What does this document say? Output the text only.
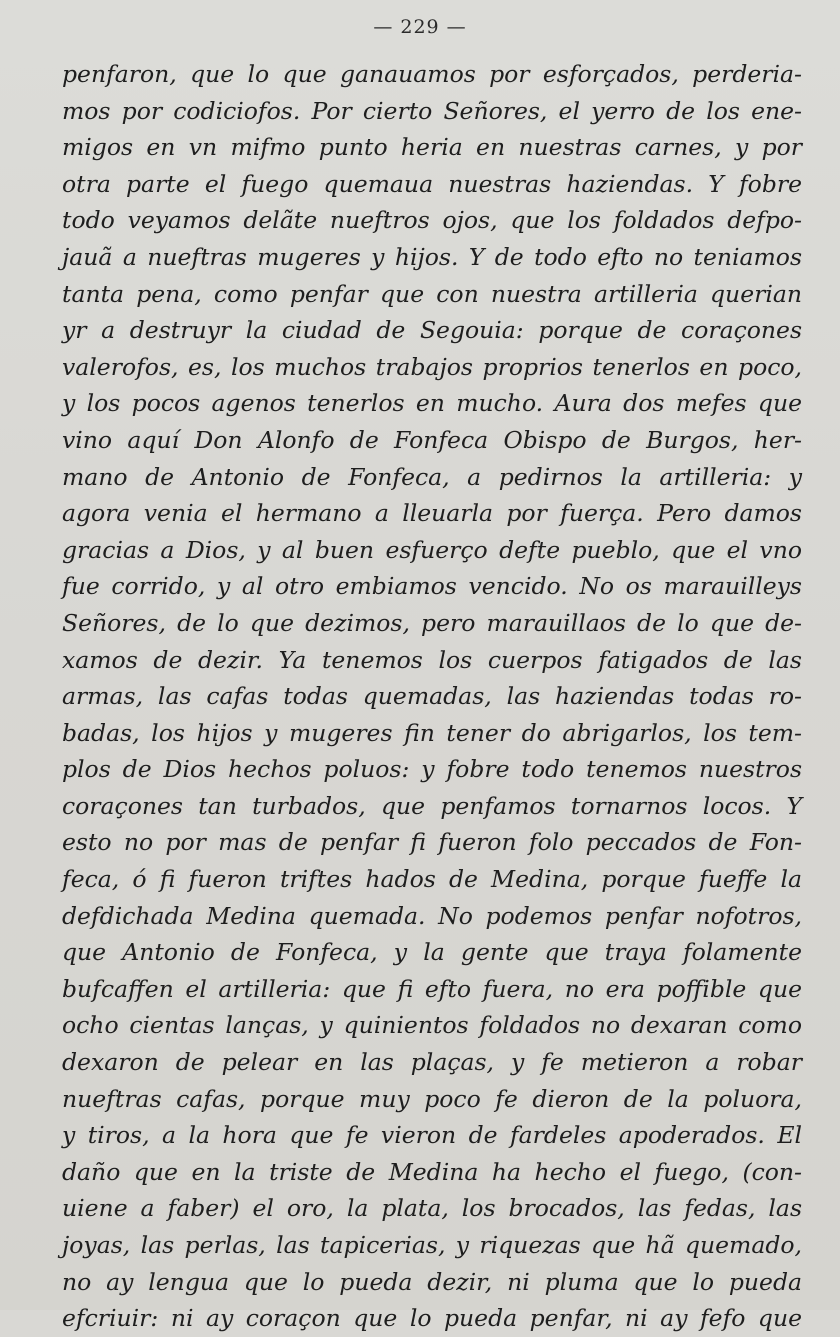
— 229 —
penfaron, que lo que ganauamos por esforçados, perderia-
mos por codiciofos. Por cierto Señores, el yerro de los ene-
migos en vn mifmo punto heria en nuestras carnes, y por
otra parte el fuego quemaua nuestras haziendas. Y fobre
todo veyamos delãte nueftros ojos, que los foldados defpo-
jauã a nueftras mugeres y hijos. Y de todo efto no teniamos
tanta pena, como penfar que con nuestra artilleria querian
yr a destruyr la ciudad de Segouia: porque de coraçones
valerofos, es, los muchos trabajos proprios tenerlos en poco,
y los pocos agenos tenerlos en mucho. Aura dos mefes que
vino aquí Don Alonfo de Fonfeca Obispo de Burgos, her-
mano de Antonio de Fonfeca, a pedirnos la artilleria: y
agora venia el hermano a lleuarla por fuerça. Pero damos
gracias a Dios, y al buen esfuerço defte pueblo, que el vno
fue corrido, y al otro embiamos vencido. No os marauilleys
Señores, de lo que dezimos, pero marauillaos de lo que de-
xamos de dezir. Ya tenemos los cuerpos fatigados de las
armas, las cafas todas quemadas, las haziendas todas ro-
badas, los hijos y mugeres fin tener do abrigarlos, los tem-
plos de Dios hechos poluos: y fobre todo tenemos nuestros
coraçones tan turbados, que penfamos tornarnos locos. Y
esto no por mas de penfar fi fueron folo peccados de Fon-
feca, ó fi fueron triftes hados de Medina, porque fueffe la
defdichada Medina quemada. No podemos penfar nofotros,
que Antonio de Fonfeca, y la gente que traya folamente
bufcaffen el artilleria: que fi efto fuera, no era poffible que
ocho cientas lanças, y quinientos foldados no dexaran como
dexaron de pelear en las plaças, y fe metieron a robar
nueftras cafas, porque muy poco fe dieron de la poluora,
y tiros, a la hora que fe vieron de fardeles apoderados. El
daño que en la triste de Medina ha hecho el fuego, (con-
uiene a faber) el oro, la plata, los brocados, las fedas, las
joyas, las perlas, las tapicerias, y riquezas que hã quemado,
no ay lengua que lo pueda dezir, ni pluma que lo pueda
efcriuir: ni ay coraçon que lo pueda penfar, ni ay fefo que
